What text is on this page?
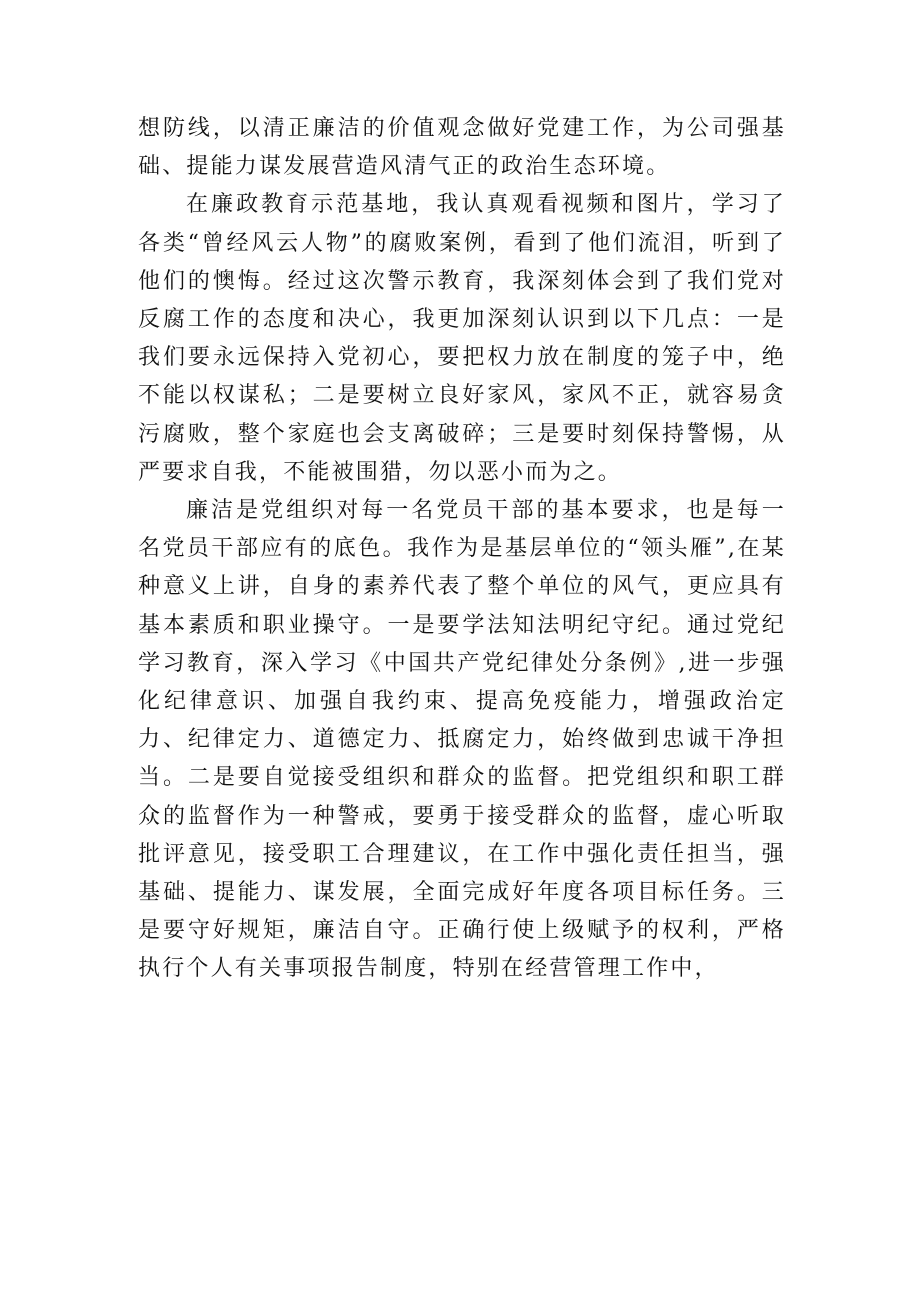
想防线，以清正廉洁的价值观念做好党建工作，为公司强基础、提能力谋发展营造风清气正的政治生态环境。

在廉政教育示范基地，我认真观看视频和图片，学习了各类“曾经风云人物”的腐败案例，看到了他们流泪，听到了他们的懊悔。经过这次警示教育，我深刻体会到了我们党对反腐工作的态度和决心，我更加深刻认识到以下几点：一是我们要永远保持入党初心，要把权力放在制度的笼子中，绝不能以权谋私；二是要树立良好家风，家风不正，就容易贪污腐败，整个家庭也会支离破碎；三是要时刻保持警惕，从严要求自我，不能被围猎，勿以恶小而为之。

廉洁是党组织对每一名党员干部的基本要求，也是每一名党员干部应有的底色。我作为是基层单位的“领头雁”,在某种意义上讲，自身的素养代表了整个单位的风气，更应具有基本素质和职业操守。一是要学法知法明纪守纪。通过党纪学习教育，深入学习《中国共产党纪律处分条例》,进一步强化纪律意识、加强自我约束、提高免疫能力，增强政治定力、纪律定力、道德定力、抵腐定力，始终做到忠诚干净担当。二是要自觉接受组织和群众的监督。把党组织和职工群众的监督作为一种警戒，要勇于接受群众的监督，虚心听取批评意见，接受职工合理建议，在工作中强化责任担当，强基础、提能力、谋发展，全面完成好年度各项目标任务。三是要守好规矩，廉洁自守。正确行使上级赋予的权利，严格执行个人有关事项报告制度，特别在经营管理工作中，
